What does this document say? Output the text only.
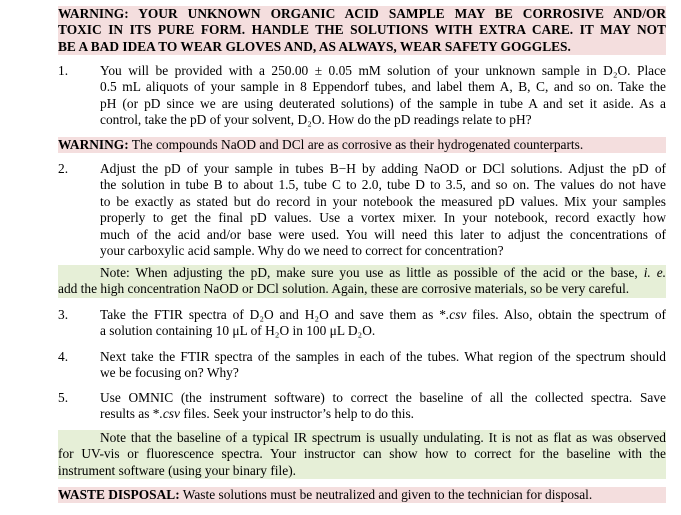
WARNING: YOUR UNKNOWN ORGANIC ACID SAMPLE MAY BE CORROSIVE AND/OR
TOXIC IN ITS PURE FORM. HANDLE THE SOLUTIONS WITH EXTRA CARE. IT MAY NOT
BE A BAD IDEA TO WEAR GLOVES AND, AS ALWAYS, WEAR SAFETY GOGGLES.
1.	You will be provided with a 250.00 ± 0.05 mM solution of your unknown sample in D₂O. Place
0.5 mL aliquots of your sample in 8 Eppendorf tubes, and label them A, B, C, and so on. Take the
pH (or pD since we are using deuterated solutions) of the sample in tube A and set it aside. As a
control, take the pD of your solvent, D₂O. How do the pD readings relate to pH?
WARNING: The compounds NaOD and DCl are as corrosive as their hydrogenated counterparts.
2.	Adjust the pD of your sample in tubes B−H by adding NaOD or DCl solutions. Adjust the pD of
the solution in tube B to about 1.5, tube C to 2.0, tube D to 3.5, and so on. The values do not have
to be exactly as stated but do record in your notebook the measured pD values. Mix your samples
properly to get the final pD values. Use a vortex mixer. In your notebook, record exactly how
much of the acid and/or base were used. You will need this later to adjust the concentrations of
your carboxylic acid sample. Why do we need to correct for concentration?
Note: When adjusting the pD, make sure you use as little as possible of the acid or the base, i. e.
add the high concentration NaOD or DCl solution. Again, these are corrosive materials, so be very careful.
3.	Take the FTIR spectra of D₂O and H₂O and save them as *.csv files. Also, obtain the spectrum of
a solution containing 10 μL of H₂O in 100 μL D₂O.
4.	Next take the FTIR spectra of the samples in each of the tubes. What region of the spectrum should
we be focusing on? Why?
5.	Use OMNIC (the instrument software) to correct the baseline of all the collected spectra. Save
results as *.csv files. Seek your instructor’s help to do this.
Note that the baseline of a typical IR spectrum is usually undulating. It is not as flat as was observed
for UV-vis or fluorescence spectra. Your instructor can show how to correct for the baseline with the
instrument software (using your binary file).
WASTE DISPOSAL: Waste solutions must be neutralized and given to the technician for disposal.
